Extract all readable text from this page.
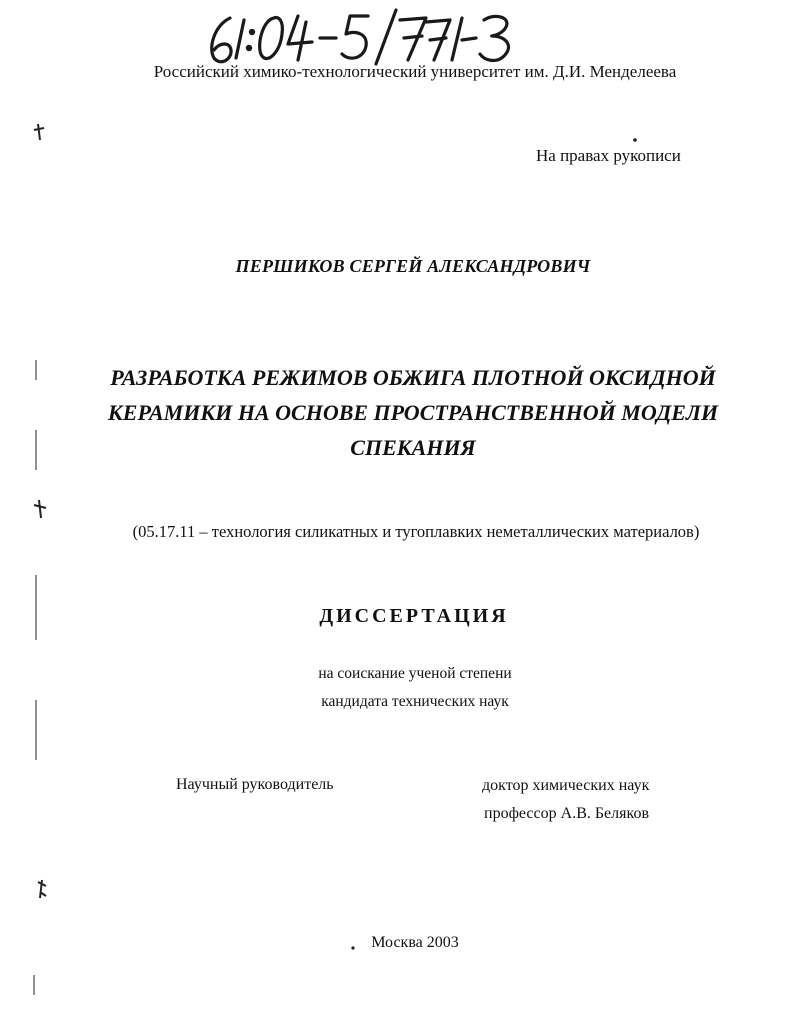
Российский химико-технологический университет им. Д.И. Менделеева
На правах рукописи
ПЕРШИКОВ СЕРГЕЙ АЛЕКСАНДРОВИЧ
РАЗРАБОТКА РЕЖИМОВ ОБЖИГА ПЛОТНОЙ ОКСИДНОЙ
КЕРАМИКИ НА ОСНОВЕ ПРОСТРАНСТВЕННОЙ МОДЕЛИ
СПЕКАНИЯ
(05.17.11 – технология силикатных и тугоплавких неметаллических материалов)
ДИССЕРТАЦИЯ
на соискание ученой степени
кандидата технических наук
Научный руководитель	доктор химических наук
профессор А.В. Беляков
Москва 2003
